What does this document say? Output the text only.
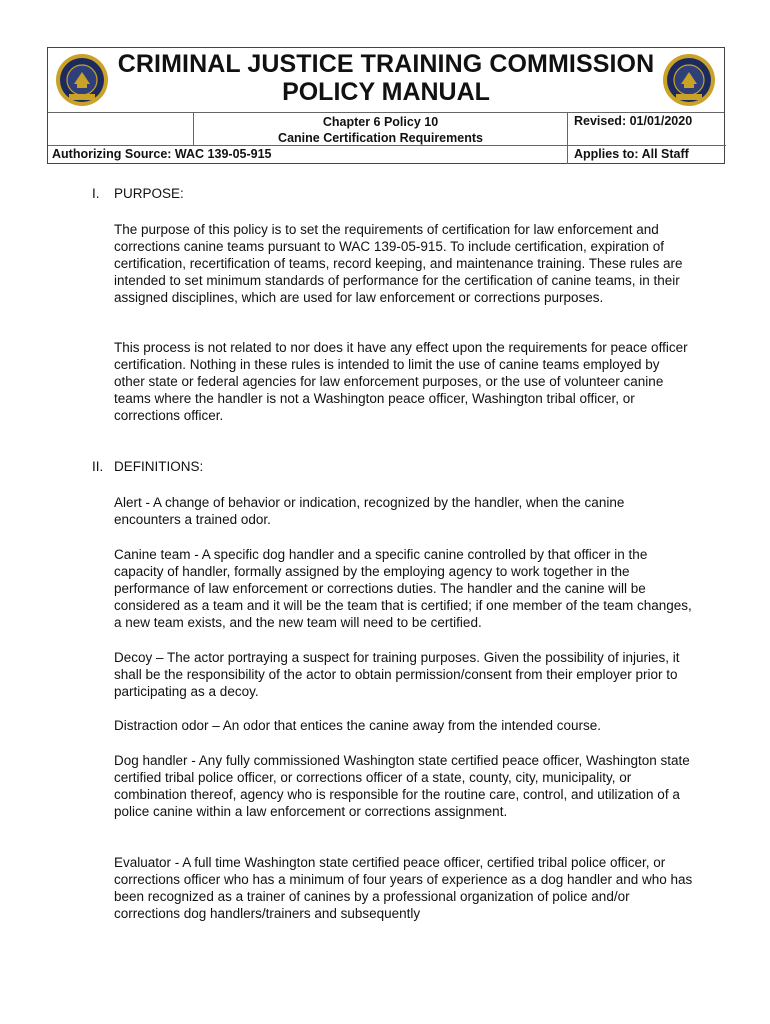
CRIMINAL JUSTICE TRAINING COMMISSION
POLICY MANUAL
Chapter 6 Policy 10
Canine Certification Requirements
Revised: 01/01/2020
Authorizing Source: WAC 139-05-915	Applies to: All Staff
I. PURPOSE:

The purpose of this policy is to set the requirements of certification for law enforcement and corrections canine teams pursuant to WAC 139-05-915. To include certification, expiration of certification, recertification of teams, record keeping, and maintenance training. These rules are intended to set minimum standards of performance for the certification of canine teams, in their assigned disciplines, which are used for law enforcement or corrections purposes.

This process is not related to nor does it have any effect upon the requirements for peace officer certification. Nothing in these rules is intended to limit the use of canine teams employed by other state or federal agencies for law enforcement purposes, or the use of volunteer canine teams where the handler is not a Washington peace officer, Washington tribal officer, or corrections officer.

II. DEFINITIONS:

Alert - A change of behavior or indication, recognized by the handler, when the canine encounters a trained odor.

Canine team - A specific dog handler and a specific canine controlled by that officer in the capacity of handler, formally assigned by the employing agency to work together in the performance of law enforcement or corrections duties. The handler and the canine will be considered as a team and it will be the team that is certified; if one member of the team changes, a new team exists, and the new team will need to be certified.

Decoy – The actor portraying a suspect for training purposes. Given the possibility of injuries, it shall be the responsibility of the actor to obtain permission/consent from their employer prior to participating as a decoy.

Distraction odor – An odor that entices the canine away from the intended course.

Dog handler - Any fully commissioned Washington state certified peace officer, Washington state certified tribal police officer, or corrections officer of a state, county, city, municipality, or combination thereof, agency who is responsible for the routine care, control, and utilization of a police canine within a law enforcement or corrections assignment.

Evaluator - A full time Washington state certified peace officer, certified tribal police officer, or corrections officer who has a minimum of four years of experience as a dog handler and who has been recognized as a trainer of canines by a professional organization of police and/or corrections dog handlers/trainers and subsequently
